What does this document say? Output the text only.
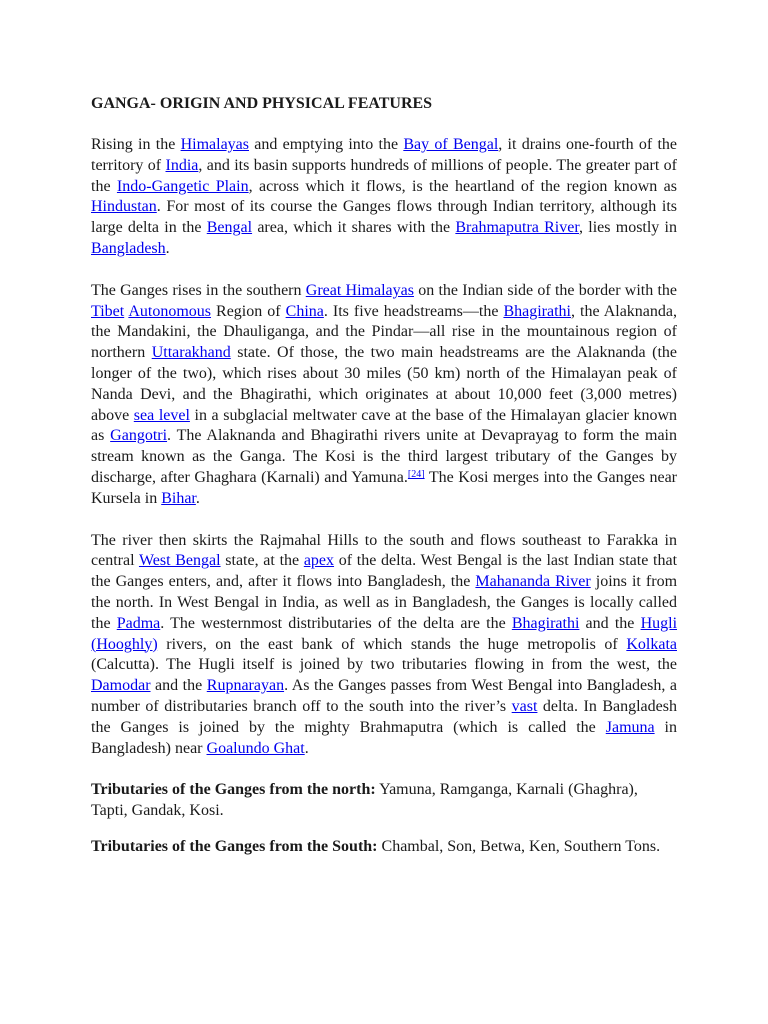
GANGA- ORIGIN AND PHYSICAL FEATURES

Rising in the Himalayas and emptying into the Bay of Bengal, it drains one-fourth of the territory of India, and its basin supports hundreds of millions of people. The greater part of the Indo-Gangetic Plain, across which it flows, is the heartland of the region known as Hindustan. For most of its course the Ganges flows through Indian territory, although its large delta in the Bengal area, which it shares with the Brahmaputra River, lies mostly in Bangladesh.

The Ganges rises in the southern Great Himalayas on the Indian side of the border with the Tibet Autonomous Region of China. Its five headstreams—the Bhagirathi, the Alaknanda, the Mandakini, the Dhauliganga, and the Pindar—all rise in the mountainous region of northern Uttarakhand state. Of those, the two main headstreams are the Alaknanda (the longer of the two), which rises about 30 miles (50 km) north of the Himalayan peak of Nanda Devi, and the Bhagirathi, which originates at about 10,000 feet (3,000 metres) above sea level in a subglacial meltwater cave at the base of the Himalayan glacier known as Gangotri. The Alaknanda and Bhagirathi rivers unite at Devaprayag to form the main stream known as the Ganga. The Kosi is the third largest tributary of the Ganges by discharge, after Ghaghara (Karnali) and Yamuna.[24] The Kosi merges into the Ganges near Kursela in Bihar.

The river then skirts the Rajmahal Hills to the south and flows southeast to Farakka in central West Bengal state, at the apex of the delta. West Bengal is the last Indian state that the Ganges enters, and, after it flows into Bangladesh, the Mahananda River joins it from the north. In West Bengal in India, as well as in Bangladesh, the Ganges is locally called the Padma. The westernmost distributaries of the delta are the Bhagirathi and the Hugli (Hooghly) rivers, on the east bank of which stands the huge metropolis of Kolkata (Calcutta). The Hugli itself is joined by two tributaries flowing in from the west, the Damodar and the Rupnarayan. As the Ganges passes from West Bengal into Bangladesh, a number of distributaries branch off to the south into the river’s vast delta. In Bangladesh the Ganges is joined by the mighty Brahmaputra (which is called the Jamuna in Bangladesh) near Goalundo Ghat.

Tributaries of the Ganges from the north: Yamuna, Ramganga, Karnali (Ghaghra), Tapti, Gandak, Kosi.

Tributaries of the Ganges from the South: Chambal, Son, Betwa, Ken, Southern Tons.
